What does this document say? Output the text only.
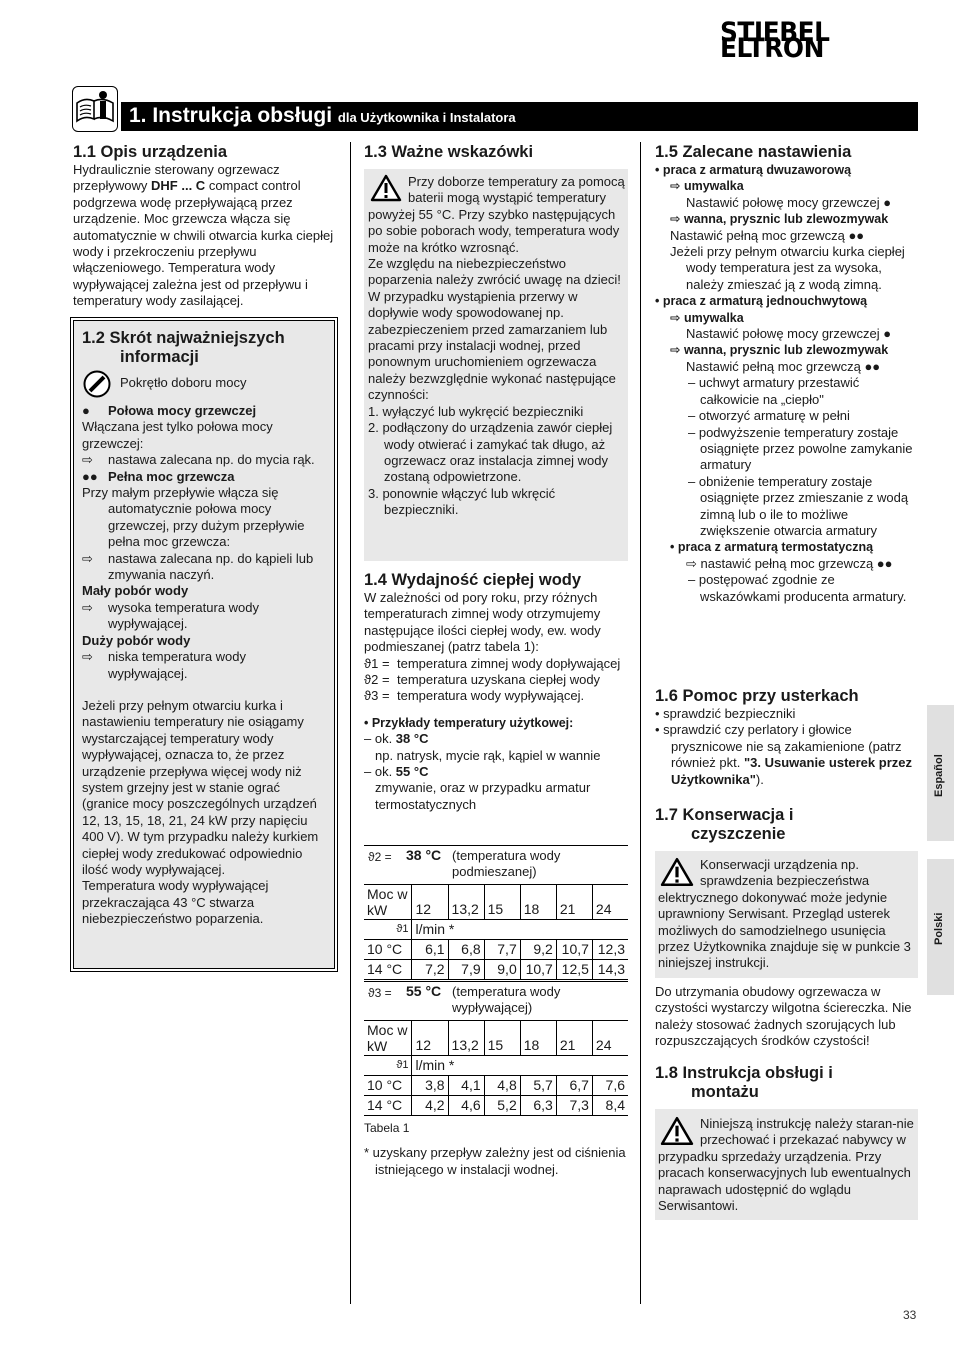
STIEBEL ELTRON
1. Instrukcja obsługi dla Użytkownika i Instalatora
1.1 Opis urządzenia

Hydraulicznie sterowany ogrzewacz przepływowy DHF ... C compact control podgrzewa wodę przepływającą przez urządzenie. Moc grzewcza włącza się automatycznie w chwili otwarcia kurka ciepłej wody i przekroczeniu przepływu włączeniowego. Temperatura wody wypływającej zależna jest od przepływu i temperatury wody zasilającej.

1.2 Skrót najważniejszych
informacji
Pokrętło doboru mocy

● Połowa mocy grzewczej

Włączana jest tylko połowa mocy grzewczej:

⇨ nastawa zalecana np. do mycia rąk.

●● Pełna moc grzewcza

Przy małym przepływie włącza się automatycznie połowa mocy grzewczej, przy dużym przepływie pełna moc grzewcza:

⇨ nastawa zalecana np. do kąpieli lub zmywania naczyń.

Mały pobór wody

⇨ wysoka temperatura wody wypływającej.

Duży pobór wody

⇨ niska temperatura wody wypływającej.

Jeżeli przy pełnym otwarciu kurka i nastawieniu temperatury nie osiągamy wystarczającej temperatury wody wypływającej, oznacza to, że przez urządzenie przepływa więcej wody niż system grzejny jest w stanie ograć (granice mocy poszczególnych urządzeń 12, 13, 15, 18, 21, 24 kW przy napięciu 400 V). W tym przypadku należy kurkiem ciepłej wody zredukować odpowiednio ilość wody wypływającej.

Temperatura wody wypływającej przekraczająca 43 °C stwarza niebezpieczeństwo poparzenia.

1.3 Ważne wskazówki

Przy doborze temperatury za pomocą baterii mogą wystąpić temperatury powyżej 55 °C. Przy szybko następujących po sobie poborach wody, temperatura wody może na krótko wzrosnąć.

Ze względu na niebezpieczeństwo poparzenia należy zwrócić uwagę na dzieci!

W przypadku wystąpienia przerwy w dopływie wody spowodowanej np. zabezpieczeniem przed zamarzaniem lub pracami przy instalacji wodnej, przed ponownym uruchomieniem ogrzewacza należy bezwzględnie wykonać następujące czynności:

1. wyłączyć lub wykręcić bezpieczniki

2. podłączony do urządzenia zawór ciepłej wody otwierać i zamykać tak długo, aż ogrzewacz oraz instalacja zimnej wody zostaną odpowietrzone.

3. ponownie włączyć lub wkręcić bezpieczniki.

1.4 Wydajność ciepłej wody

W zależności od pory roku, przy różnych temperaturach zimnej wody otrzymujemy następujące ilości ciepłej wody, ew. wody podmieszanej (patrz tabela 1):

ϑ1 = temperatura zimnej wody dopływającej

ϑ2 = temperatura uzyskana ciepłej wody

ϑ3 = temperatura wody wypływającej.

• Przykłady temperatury użytkowej:

– ok. 38 °C

np. natrysk, mycie rąk, kąpiel w wannie

– ok. 55 °C

zmywanie, oraz w przypadku armatur termostatycznych

ϑ2 = 38 °C (temperatura wody podmieszanej)
Moc w kW	12	13,2	15	18	21	24
ϑ1	l/min *					
10 °C	6,1	6,8	7,7	9,2	10,7	12,3
14 °C	7,2	7,9	9,0	10,7	12,5	14,3
ϑ3 = 55 °C (temperatura wody wypływającej)
Moc w kW	12	13,2	15	18	21	24
ϑ1	l/min *					
10 °C	3,8	4,1	4,8	5,7	6,7	7,6
14 °C	4,2	4,6	5,2	6,3	7,3	8,4

Tabela 1

* uzyskany przepływ zależny jest od ciśnienia istniejącego w instalacji wodnej.

1.5 Zalecane nastawienia

• praca z armaturą dwuzaworową

⇨ umywalka

Nastawić połowę mocy grzewczej ●

⇨ wanna, prysznic lub zlewozmywak

Nastawić pełną moc grzewczą ●●

Jeżeli przy pełnym otwarciu kurka ciepłej wody temperatura jest za wysoka, należy zmieszać ją z wodą zimną.

• praca z armaturą jednouchwytową

⇨ umywalka

Nastawić połowę mocy grzewczej ●

⇨ wanna, prysznic lub zlewozmywak

Nastawić pełną moc grzewczą ●●

– uchwyt armatury przestawić całkowicie na „ciepło"

– otworzyć armaturę w pełni

– podwyższenie temperatury zostaje osiągnięte przez powolne zamykanie armatury

– obniżenie temperatury zostaje osiągnięte przez zmieszanie z wodą zimną lub o ile to możliwe zwiększenie otwarcia armatury

• praca z armaturą termostatyczną

⇨ nastawić pełną moc grzewczą ●●

– postępować zgodnie ze wskazówkami producenta armatury.

1.6 Pomoc przy usterkach

• sprawdzić bezpieczniki

• sprawdzić czy perlatory i głowice prysznicowe nie są zakamienione (patrz również pkt. "3. Usuwanie usterek przez Użytkownika").

1.7 Konserwacja i
czyszczenie

Konserwacji urządzenia np. sprawdzenia bezpieczeństwa elektrycznego dokonywać może jedynie uprawniony Serwisant. Przegląd usterek możliwych do samodzielnego usunięcia przez Użytkownika znajduje się w punkcie 3 niniejszej instrukcji.

Do utrzymania obudowy ogrzewacza w czystości wystarczy wilgotna ściereczka. Nie należy stosować żadnych szorujących lub rozpuszczających środków czystości!

1.8 Instrukcja obsługi i
montażu

Niniejszą instrukcję należy staran-nie przechować i przekazać nabywcy w przypadku sprzedaży urządzenia. Przy pracach konserwacyjnych lub ewentualnych naprawach udostępnić do wglądu Serwisantowi.

Español
Polski
33
